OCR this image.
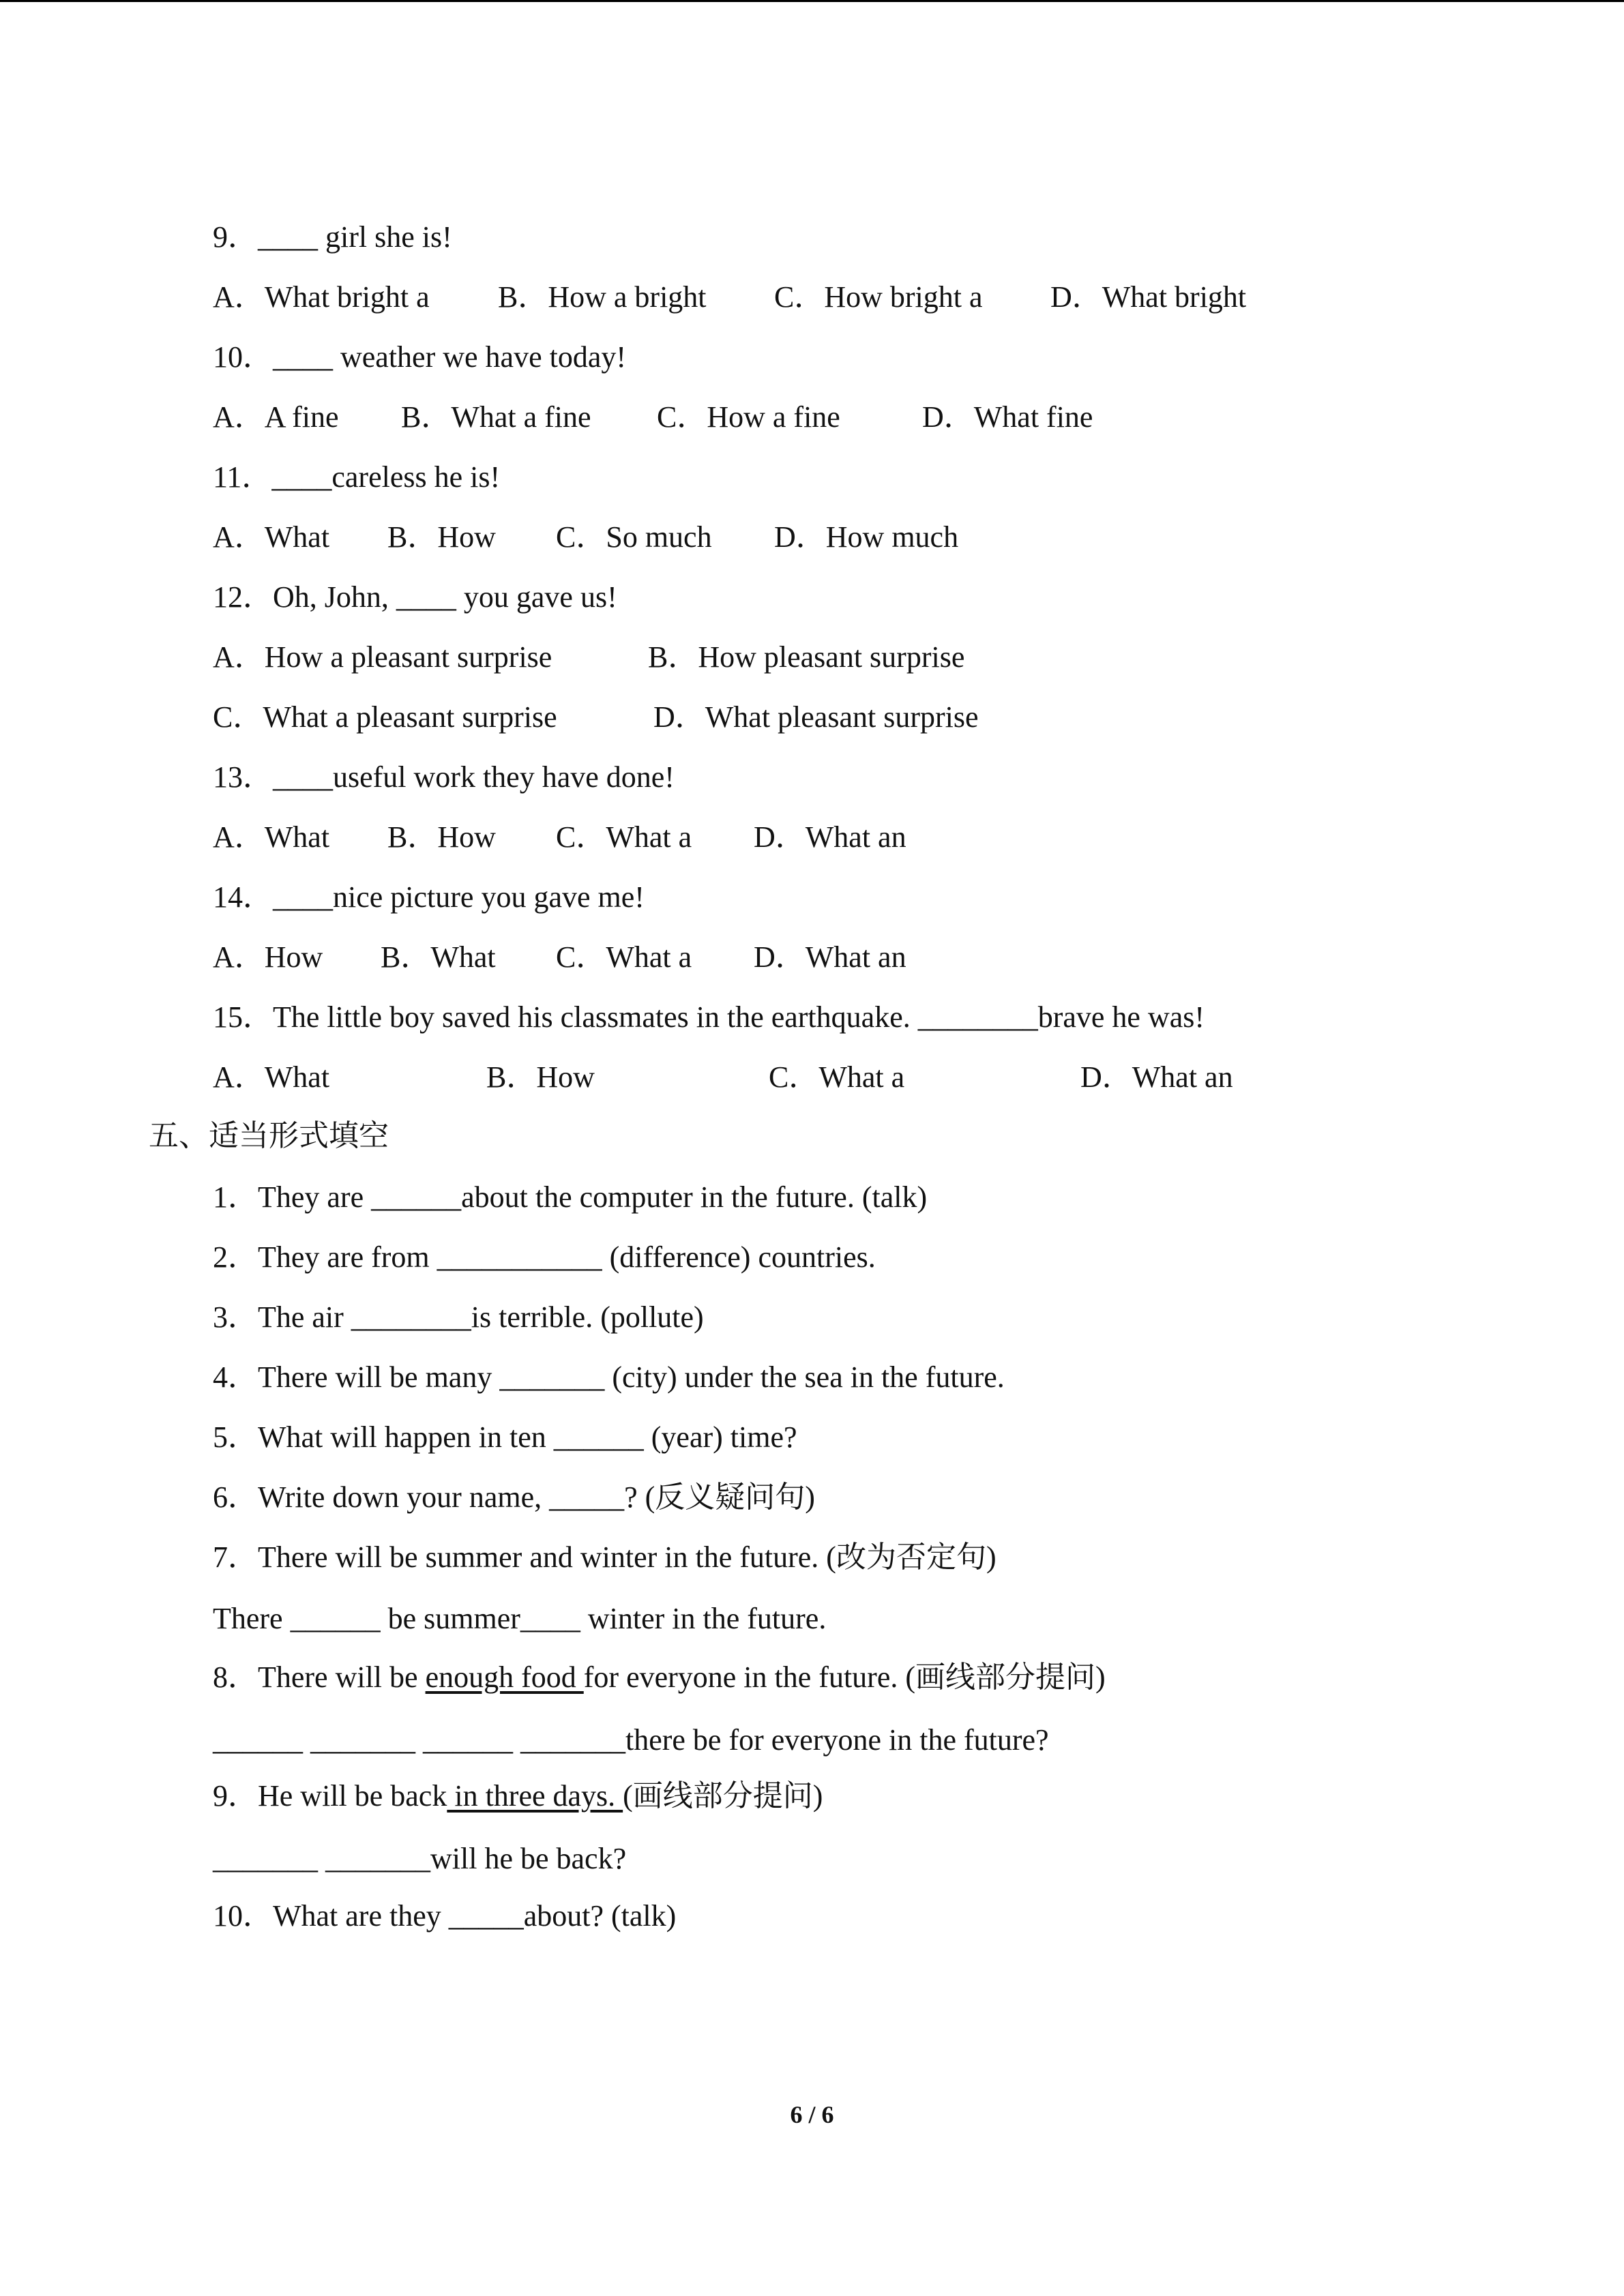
9．____ girl she is!
A．What bright a B．How a bright C．How bright a D．What bright
10．____ weather we have today!
A．A fine B．What a fine C．How a fine	D．What fine
11．____careless he is!
A．What B．How C．So much D．How much
12．Oh, John, ____ you gave us!
A．How a pleasant surprise	B．How pleasant surprise
C．What a pleasant surprise	D．What pleasant surprise
13．____useful work they have done!
A．What B．How C．What a D．What an
14．____nice picture you gave me!
A．How B．What C．What a D．What an
15．The little boy saved his classmates in the earthquake. ________brave he was!
A．What	B．How	C．What a	D．What an
五、适当形式填空
1．They are ______about the computer in the future. (talk)
2．They are from ___________ (difference) countries.
3．The air ________is terrible. (pollute)
4．There will be many _______ (city) under the sea in the future.
5．What will happen in ten ______ (year) time?
6．Write down your name, _____? (反义疑问句)
7．There will be summer and winter in the future. (改为否定句)
There ______ be summer____ winter in the future.
8．There will be enough food for everyone in the future. (画线部分提问)
______ _______ ______ _______there be for everyone in the future?
9．He will be back in three days. (画线部分提问)
_______ _______will he be back?
10．What are they _____about? (talk)
6 / 6
